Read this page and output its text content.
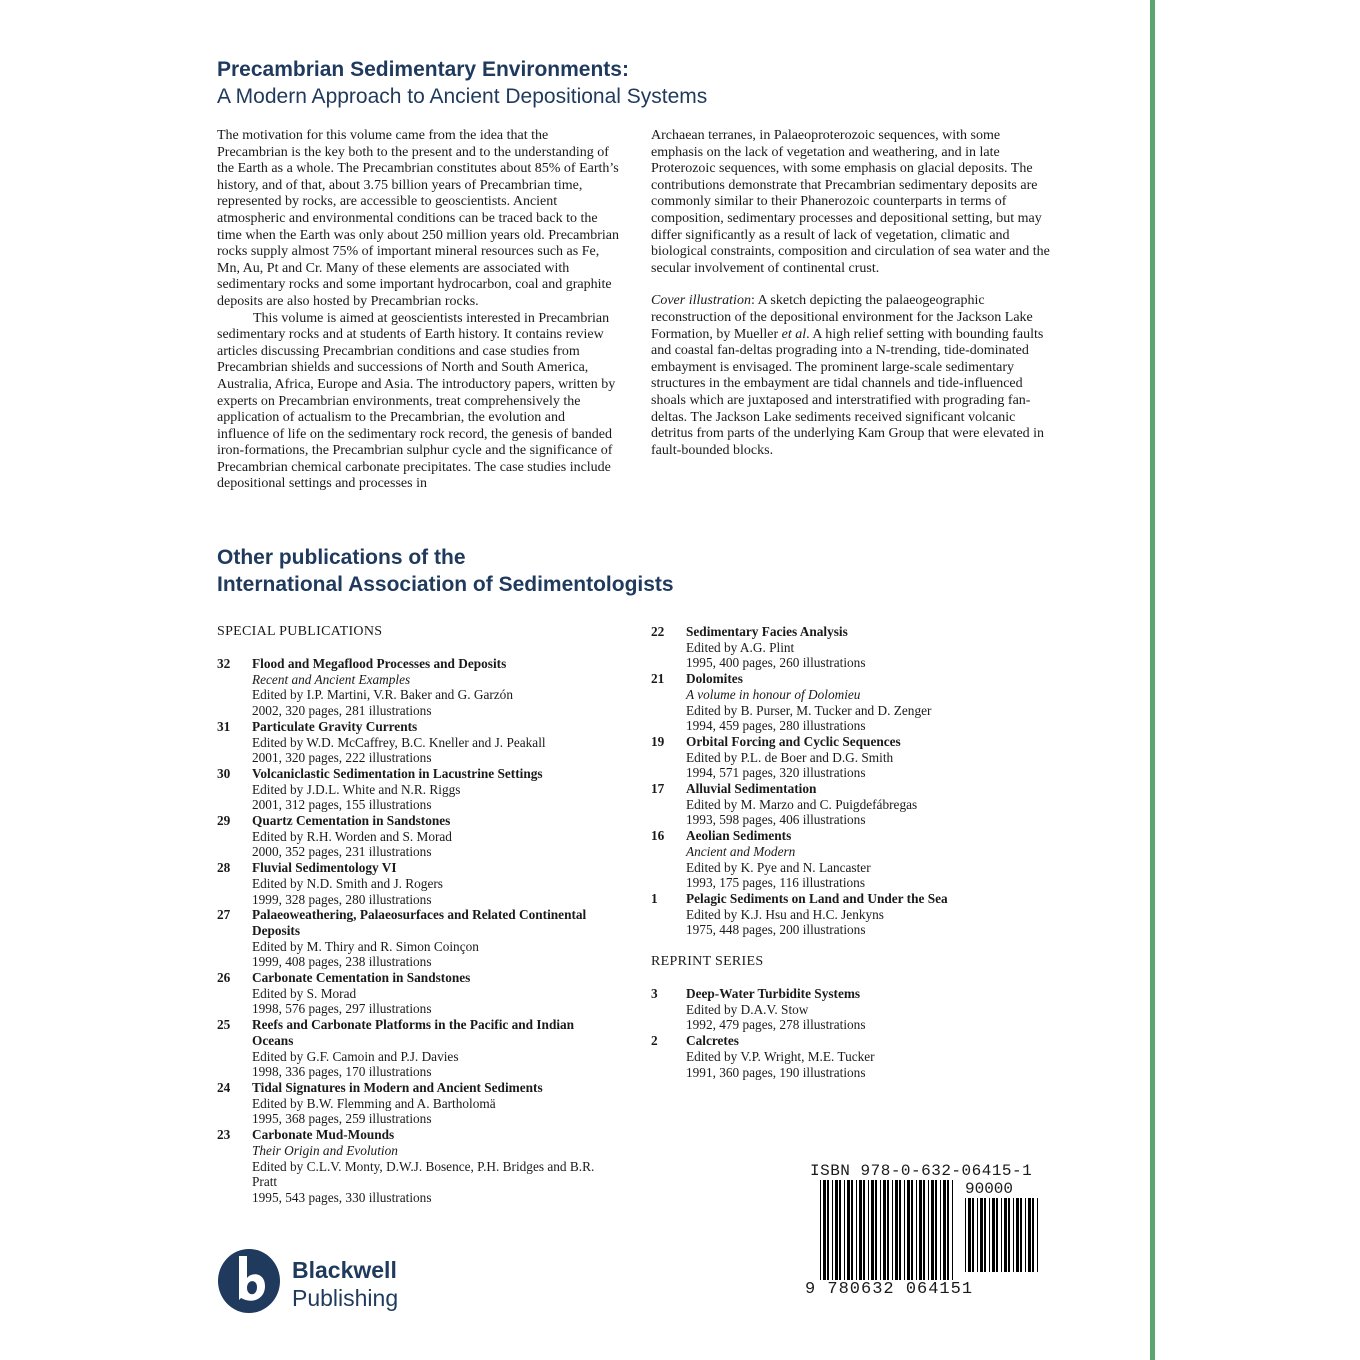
Precambrian Sedimentary Environments:
A Modern Approach to Ancient Depositional Systems

The motivation for this volume came from the idea that the Precambrian is the key both to the present and to the understanding of the Earth as a whole. The Precambrian constitutes about 85% of Earth’s history, and of that, about 3.75 billion years of Precambrian time, represented by rocks, are accessible to geoscientists. Ancient atmospheric and environmental conditions can be traced back to the time when the Earth was only about 250 million years old. Precambrian rocks supply almost 75% of important mineral resources such as Fe, Mn, Au, Pt and Cr. Many of these elements are associated with sedimentary rocks and some important hydrocarbon, coal and graphite deposits are also hosted by Precambrian rocks.

This volume is aimed at geoscientists interested in Precambrian sedimentary rocks and at students of Earth history. It contains review articles discussing Precambrian conditions and case studies from Precambrian shields and successions of North and South America, Australia, Africa, Europe and Asia. The introductory papers, written by experts on Precambrian environments, treat comprehensively the application of actualism to the Precambrian, the evolution and influence of life on the sedimentary rock record, the genesis of banded iron-formations, the Precambrian sulphur cycle and the significance of Precambrian chemical carbonate precipitates. The case studies include depositional settings and processes in

Archaean terranes, in Palaeoproterozoic sequences, with some emphasis on the lack of vegetation and weathering, and in late Proterozoic sequences, with some emphasis on glacial deposits. The contributions demonstrate that Precambrian sedimentary deposits are commonly similar to their Phanerozoic counterparts in terms of composition, sedimentary processes and depositional setting, but may differ significantly as a result of lack of vegetation, climatic and biological constraints, composition and circulation of sea water and the secular involvement of continental crust.

Cover illustration: A sketch depicting the palaeogeographic reconstruction of the depositional environment for the Jackson Lake Formation, by Mueller et al. A high relief setting with bounding faults and coastal fan-deltas prograding into a N-trending, tide-dominated embayment is envisaged. The prominent large-scale sedimentary structures in the embayment are tidal channels and tide-influenced shoals which are juxtaposed and interstratified with prograding fan-deltas. The Jackson Lake sediments received significant volcanic detritus from parts of the underlying Kam Group that were elevated in fault-bounded blocks.

Other publications of the
International Association of Sedimentologists
SPECIAL PUBLICATIONS
32 Flood and Megaflood Processes and Deposits
Recent and Ancient Examples
Edited by I.P. Martini, V.R. Baker and G. Garzón
2002, 320 pages, 281 illustrations
31 Particulate Gravity Currents
Edited by W.D. McCaffrey, B.C. Kneller and J. Peakall
2001, 320 pages, 222 illustrations
30 Volcaniclastic Sedimentation in Lacustrine Settings
Edited by J.D.L. White and N.R. Riggs
2001, 312 pages, 155 illustrations
29 Quartz Cementation in Sandstones
Edited by R.H. Worden and S. Morad
2000, 352 pages, 231 illustrations
28 Fluvial Sedimentology VI
Edited by N.D. Smith and J. Rogers
1999, 328 pages, 280 illustrations
27 Palaeoweathering, Palaeosurfaces and Related Continental Deposits
Edited by M. Thiry and R. Simon Coinçon
1999, 408 pages, 238 illustrations
26 Carbonate Cementation in Sandstones
Edited by S. Morad
1998, 576 pages, 297 illustrations
25 Reefs and Carbonate Platforms in the Pacific and Indian Oceans
Edited by G.F. Camoin and P.J. Davies
1998, 336 pages, 170 illustrations
24 Tidal Signatures in Modern and Ancient Sediments
Edited by B.W. Flemming and A. Bartholomä
1995, 368 pages, 259 illustrations
23 Carbonate Mud-Mounds
Their Origin and Evolution
Edited by C.L.V. Monty, D.W.J. Bosence, P.H. Bridges and B.R. Pratt
1995, 543 pages, 330 illustrations
22 Sedimentary Facies Analysis
Edited by A.G. Plint
1995, 400 pages, 260 illustrations
21 Dolomites
A volume in honour of Dolomieu
Edited by B. Purser, M. Tucker and D. Zenger
1994, 459 pages, 280 illustrations
19 Orbital Forcing and Cyclic Sequences
Edited by P.L. de Boer and D.G. Smith
1994, 571 pages, 320 illustrations
17 Alluvial Sedimentation
Edited by M. Marzo and C. Puigdefábregas
1993, 598 pages, 406 illustrations
16 Aeolian Sediments
Ancient and Modern
Edited by K. Pye and N. Lancaster
1993, 175 pages, 116 illustrations
1 Pelagic Sediments on Land and Under the Sea
Edited by K.J. Hsu and H.C. Jenkyns
1975, 448 pages, 200 illustrations
REPRINT SERIES
3 Deep-Water Turbidite Systems
Edited by D.A.V. Stow
1992, 479 pages, 278 illustrations
2 Calcretes
Edited by V.P. Wright, M.E. Tucker
1991, 360 pages, 190 illustrations
ISBN 978-0-632-06415-1
90000
9 780632 064151
Blackwell
Publishing
